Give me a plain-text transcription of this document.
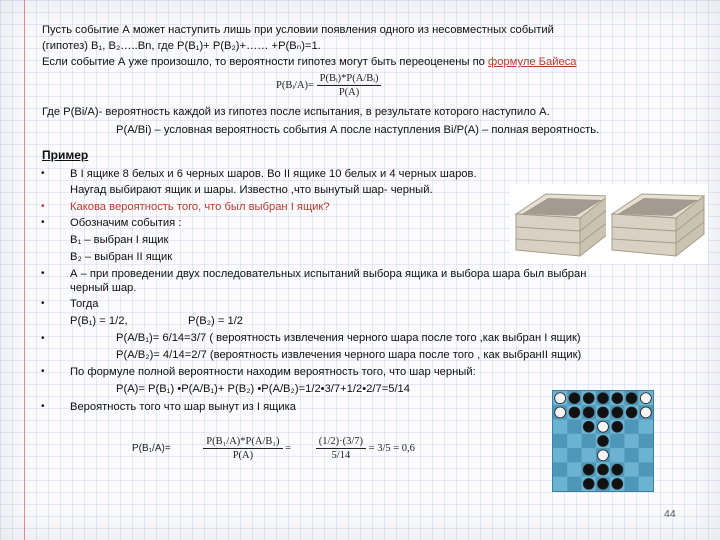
Пусть событие А может наступить лишь при условии появления одного из несовместных событий
(гипотез) B₁, B₂…..Bn, где P(B₁)+ P(B₂)+…… +P(Bₙ)=1.
Если событие А уже произошло, то вероятности гипотез могут быть переоценены по формуле Байеса
P(Bᵢ/A)= $\frac{\text{P(Bᵢ)*P(A/Bᵢ)}}{P(A)}$
Где P(Bi/A)- вероятность каждой из гипотез после испытания, в результате которого наступило А.
P(A/Bi) – условная вероятность события А после наступления Bi/P(A) – полная вероятность.
Пример
• В I ящике 8 белых и 6 черных шаров. Во II ящике 10 белых и 4 черных шаров.
Наугад выбирают ящик и шары. Известно ,что вынутый шар- черный.
• Какова вероятность того, что был выбран I ящик?
• Обозначим события :
B₁ – выбран I ящик
B₂ – выбран II ящик
• А – при проведении двух последовательных испытаний выбора ящика и выбора шара был выбран
черный шар.
• Тогда
P(B₁) = 1/2,	P(B₂) = 1/2
•	P(A/B₁)= 6/14=3/7 ( вероятность извлечения черного шара после того ,как выбран I ящик)
P(A/B₂)= 4/14=2/7 (вероятность извлечения черного шара после того , как выбранII ящик)
• По формуле полной вероятности находим вероятность того, что шар черный:
P(A)= P(B₁) •P(A/B₁)+ P(B₂) •P(A/B₂)=1/2•3/7+1/2•2/7=5/14
• Вероятность того что шар вынут из I ящика
P(B₁/A)=	$\frac{\text{P(B₁/A)*P(A/B₁)}}{P(A)} = \frac{(1/2)\cdot(3/7)}{5/14} = 3/5 = 0,6$
44
